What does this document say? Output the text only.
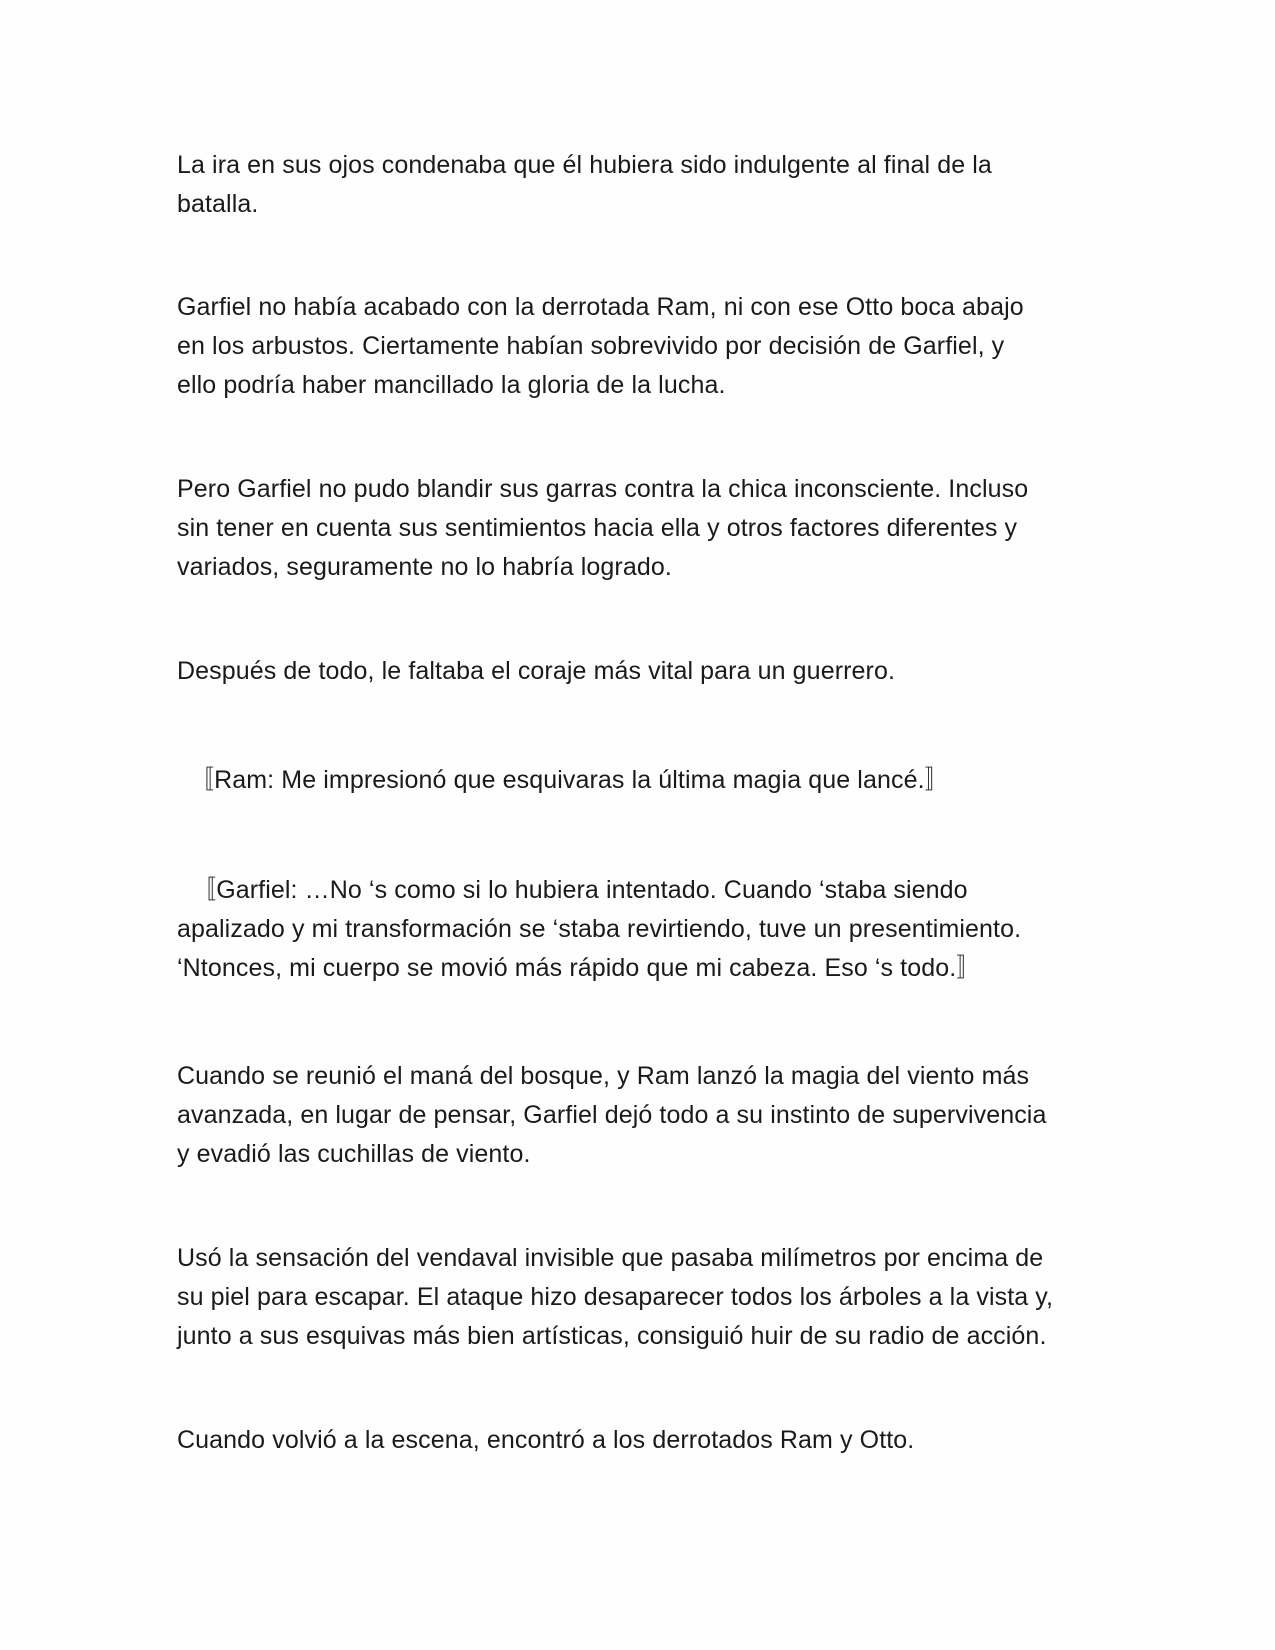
La ira en sus ojos condenaba que él hubiera sido indulgente al final de la
batalla.

Garfiel no había acabado con la derrotada Ram, ni con ese Otto boca abajo
en los arbustos. Ciertamente habían sobrevivido por decisión de Garfiel, y
ello podría haber mancillado la gloria de la lucha.

Pero Garfiel no pudo blandir sus garras contra la chica inconsciente. Incluso
sin tener en cuenta sus sentimientos hacia ella y otros factores diferentes y
variados, seguramente no lo habría logrado.

Después de todo, le faltaba el coraje más vital para un guerrero.

〚Ram: Me impresionó que esquivaras la última magia que lancé.〛

〚Garfiel: …No ‘s como si lo hubiera intentado. Cuando ‘staba siendo
apalizado y mi transformación se ‘staba revirtiendo, tuve un presentimiento.
‘Ntonces, mi cuerpo se movió más rápido que mi cabeza. Eso ‘s todo.〛

Cuando se reunió el maná del bosque, y Ram lanzó la magia del viento más
avanzada, en lugar de pensar, Garfiel dejó todo a su instinto de supervivencia
y evadió las cuchillas de viento.

Usó la sensación del vendaval invisible que pasaba milímetros por encima de
su piel para escapar. El ataque hizo desaparecer todos los árboles a la vista y,
junto a sus esquivas más bien artísticas, consiguió huir de su radio de acción.

Cuando volvió a la escena, encontró a los derrotados Ram y Otto.
